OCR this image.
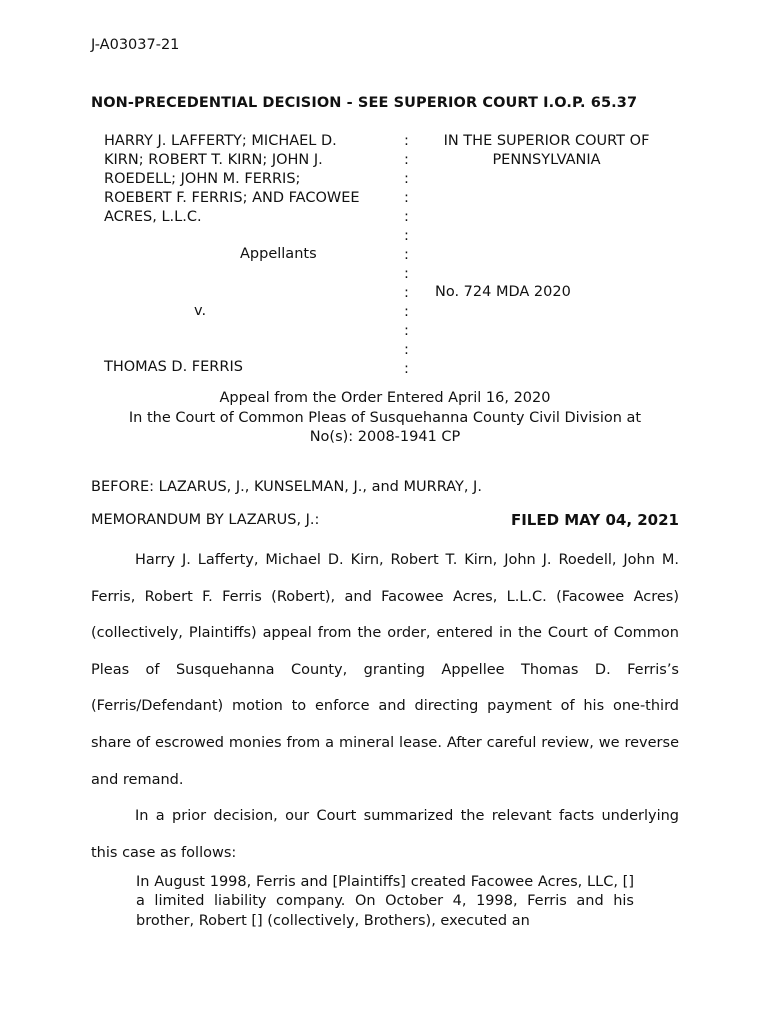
J-A03037-21
NON-PRECEDENTIAL DECISION - SEE SUPERIOR COURT I.O.P. 65.37
HARRY J. LAFFERTY; MICHAEL D.
KIRN; ROBERT T. KIRN; JOHN J.
ROEDELL; JOHN M. FERRIS;
ROEBERT F. FERRIS; AND FACOWEE
ACRES, L.L.C.
Appellants
v.
THOMAS D. FERRIS
:
:
:
:
:
:
:
:
:
:
:
:
:
IN THE SUPERIOR COURT OF
PENNSYLVANIA
No. 724 MDA 2020
Appeal from the Order Entered April 16, 2020
In the Court of Common Pleas of Susquehanna County Civil Division at
No(s): 2008-1941 CP
BEFORE: LAZARUS, J., KUNSELMAN, J., and MURRAY, J.
MEMORANDUM BY LAZARUS, J.:	FILED MAY 04, 2021

Harry J. Lafferty, Michael D. Kirn, Robert T. Kirn, John J. Roedell, John M. Ferris, Robert F. Ferris (Robert), and Facowee Acres, L.L.C. (Facowee Acres) (collectively, Plaintiffs) appeal from the order, entered in the Court of Common Pleas of Susquehanna County, granting Appellee Thomas D. Ferris’s (Ferris/Defendant) motion to enforce and directing payment of his one-third share of escrowed monies from a mineral lease. After careful review, we reverse and remand.

In a prior decision, our Court summarized the relevant facts underlying this case as follows:

In August 1998, Ferris and [Plaintiffs] created Facowee Acres, LLC, [] a limited liability company. On October 4, 1998, Ferris and his brother, Robert [] (collectively, Brothers), executed an
